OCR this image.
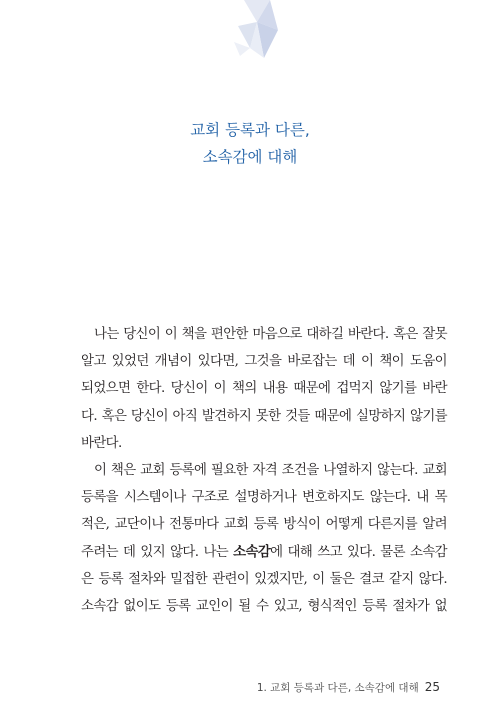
교회 등록과 다른,
소속감에 대해
나는 당신이 이 책을 편안한 마음으로 대하길 바란다. 혹은 잘못
알고 있었던 개념이 있다면, 그것을 바로잡는 데 이 책이 도움이
되었으면 한다. 당신이 이 책의 내용 때문에 겁먹지 않기를 바란
다. 혹은 당신이 아직 발견하지 못한 것들 때문에 실망하지 않기를
바란다.
이 책은 교회 등록에 필요한 자격 조건을 나열하지 않는다. 교회
등록을 시스템이나 구조로 설명하거나 변호하지도 않는다. 내 목
적은, 교단이나 전통마다 교회 등록 방식이 어떻게 다른지를 알려
주려는 데 있지 않다. 나는 소속감에 대해 쓰고 있다. 물론 소속감
은 등록 절차와 밀접한 관련이 있겠지만, 이 둘은 결코 같지 않다.
소속감 없이도 등록 교인이 될 수 있고, 형식적인 등록 절차가 없
1. 교회 등록과 다른, 소속감에 대해 25
